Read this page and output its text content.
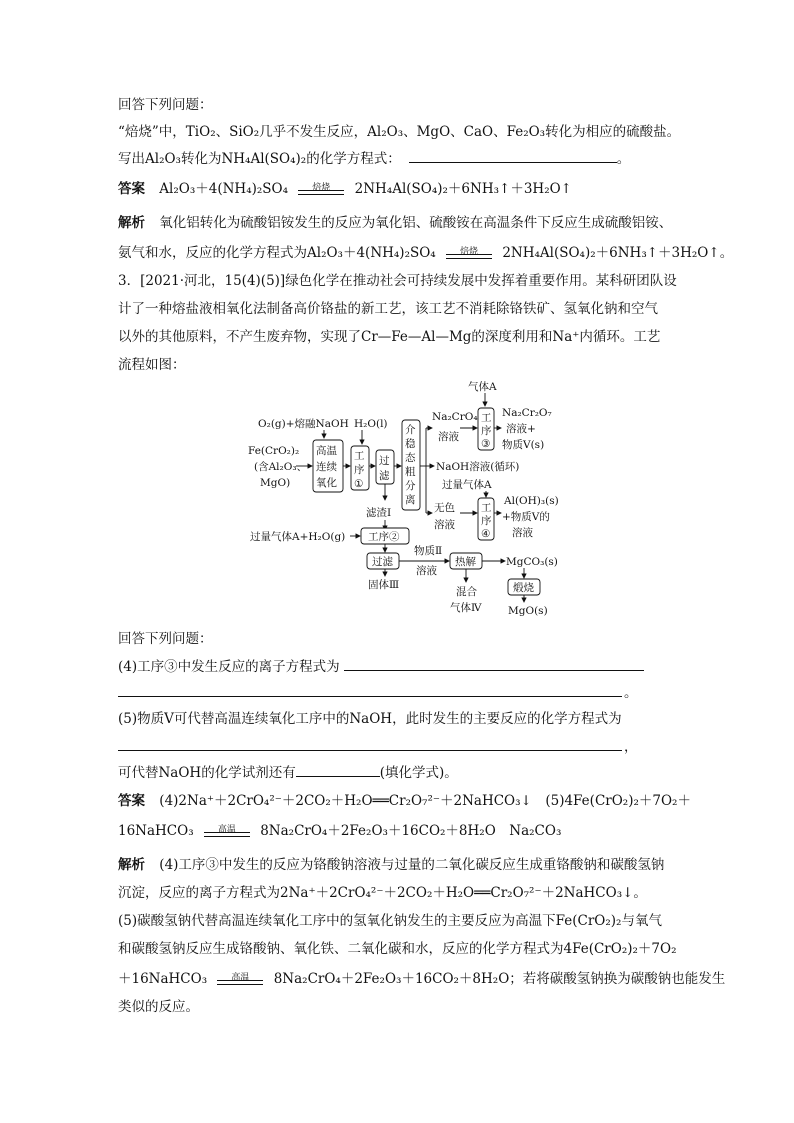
回答下列问题：
“焙烧”中，TiO₂、SiO₂几乎不发生反应，Al₂O₃、MgO、CaO、Fe₂O₃转化为相应的硫酸盐。
写出Al₂O₃转化为NH₄Al(SO₄)₂的化学方程式：	。
答案 Al₂O₃＋4(NH₄)₂SO₄	焙烧	2NH₄Al(SO₄)₂＋6NH₃↑＋3H₂O↑
解析 氧化铝转化为硫酸铝铵发生的反应为氧化铝、硫酸铵在高温条件下反应生成硫酸铝铵、
氨气和水，反应的化学方程式为Al₂O₃＋4(NH₄)₂SO₄	焙烧	2NH₄Al(SO₄)₂＋6NH₃↑＋3H₂O↑。
3．[2021·河北，15(4)(5)]绿色化学在推动社会可持续发展中发挥着重要作用。某科研团队设
计了一种熔盐液相氧化法制备高价铬盐的新工艺，该工艺不消耗除铬铁矿、氢氧化钠和空气
以外的其他原料，不产生废弃物，实现了Cr—Fe—Al—Mg的深度利用和Na⁺内循环。工艺
流程如图：
气体A
O₂(g)+熔融NaOH H₂O(l)
Fe(CrO₂)₂
(含Al₂O₃、
MgO)
高温
连续
氧化
工
序
①
过
滤
介
稳
态
粗
分
离
Na₂CrO₄
溶液
工
序
③
Na₂Cr₂O₇
溶液+
物质V(s)
NaOH溶液(循环)
过量气体A
无色
溶液
工
序
④
Al(OH)₃(s)
+物质V的
溶液
滤渣Ⅰ
过量气体A+H₂O(g) 工序②
过滤
固体Ⅲ
物质Ⅱ
溶液
热解	MgCO₃(s)
混合
气体Ⅳ
煅烧
MgO(s)
回答下列问题：
(4)工序③中发生反应的离子方程式为
。
(5)物质V可代替高温连续氧化工序中的NaOH，此时发生的主要反应的化学方程式为
，
可代替NaOH的化学试剂还有	(填化学式)。
答案 (4)2Na⁺＋2CrO₄²⁻＋2CO₂＋H₂O══Cr₂O₇²⁻＋2NaHCO₃↓　(5)4Fe(CrO₂)₂＋7O₂＋
16NaHCO₃	高温	8Na₂CrO₄＋2Fe₂O₃＋16CO₂＋8H₂O　Na₂CO₃
解析 (4)工序③中发生的反应为铬酸钠溶液与过量的二氧化碳反应生成重铬酸钠和碳酸氢钠
沉淀，反应的离子方程式为2Na⁺＋2CrO₄²⁻＋2CO₂＋H₂O══Cr₂O₇²⁻＋2NaHCO₃↓。
(5)碳酸氢钠代替高温连续氧化工序中的氢氧化钠发生的主要反应为高温下Fe(CrO₂)₂与氧气
和碳酸氢钠反应生成铬酸钠、氧化铁、二氧化碳和水，反应的化学方程式为4Fe(CrO₂)₂＋7O₂
＋16NaHCO₃	高温	8Na₂CrO₄＋2Fe₂O₃＋16CO₂＋8H₂O；若将碳酸氢钠换为碳酸钠也能发生
类似的反应。
